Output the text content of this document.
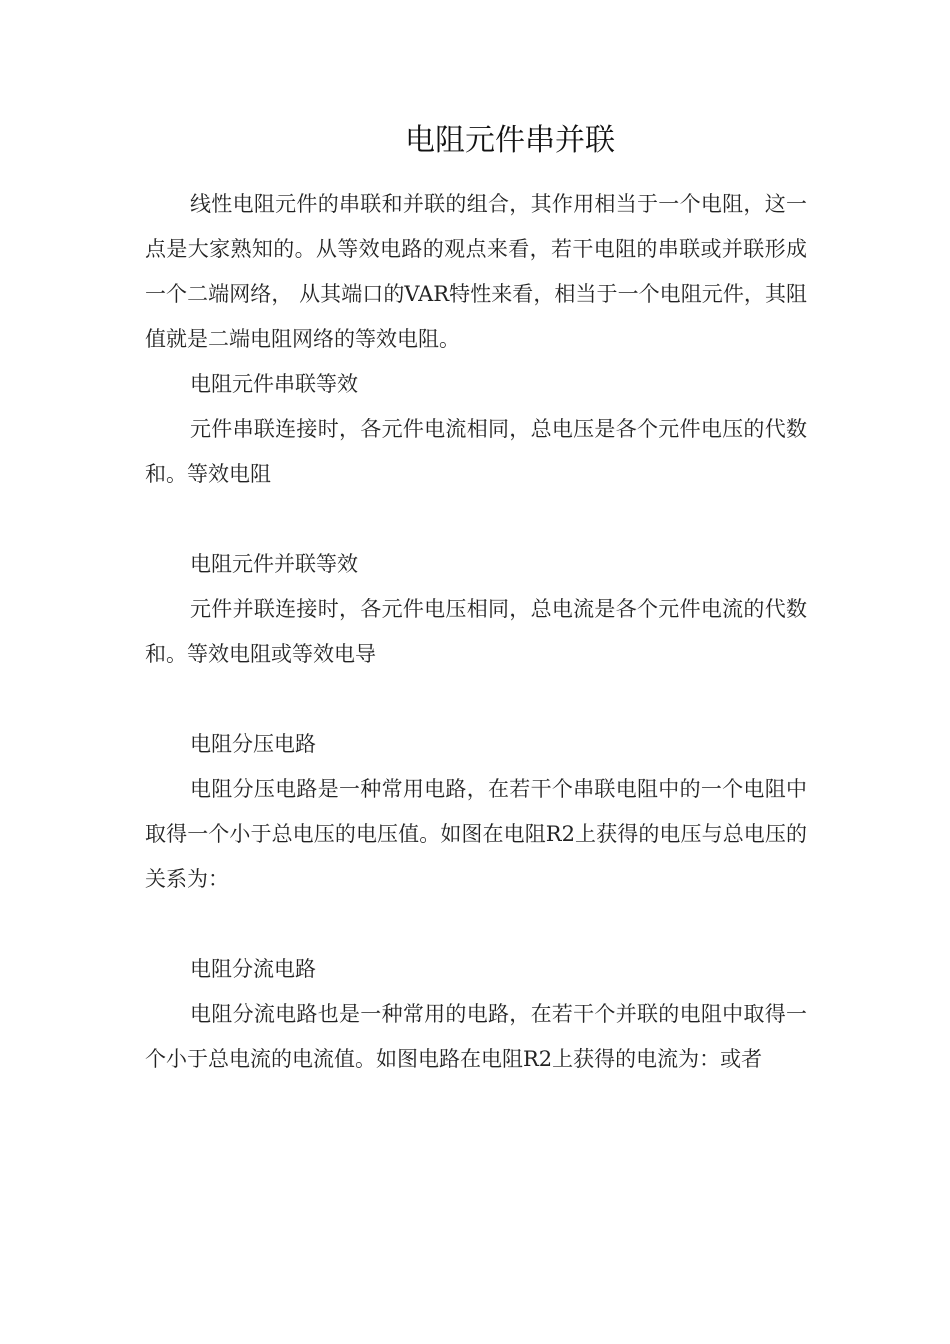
电阻元件串并联

线性电阻元件的串联和并联的组合，其作用相当于一个电阻，这一点是大家熟知的。从等效电路的观点来看，若干电阻的串联或并联形成一个二端网络， 从其端口的VAR特性来看，相当于一个电阻元件，其阻值就是二端电阻网络的等效电阻。

电阻元件串联等效

元件串联连接时，各元件电流相同，总电压是各个元件电压的代数和。等效电阻

电阻元件并联等效

元件并联连接时，各元件电压相同，总电流是各个元件电流的代数和。等效电阻或等效电导

电阻分压电路

电阻分压电路是一种常用电路，在若干个串联电阻中的一个电阻中取得一个小于总电压的电压值。如图在电阻R2上获得的电压与总电压的关系为：

电阻分流电路

电阻分流电路也是一种常用的电路，在若干个并联的电阻中取得一个小于总电流的电流值。如图电路在电阻R2上获得的电流为：或者
